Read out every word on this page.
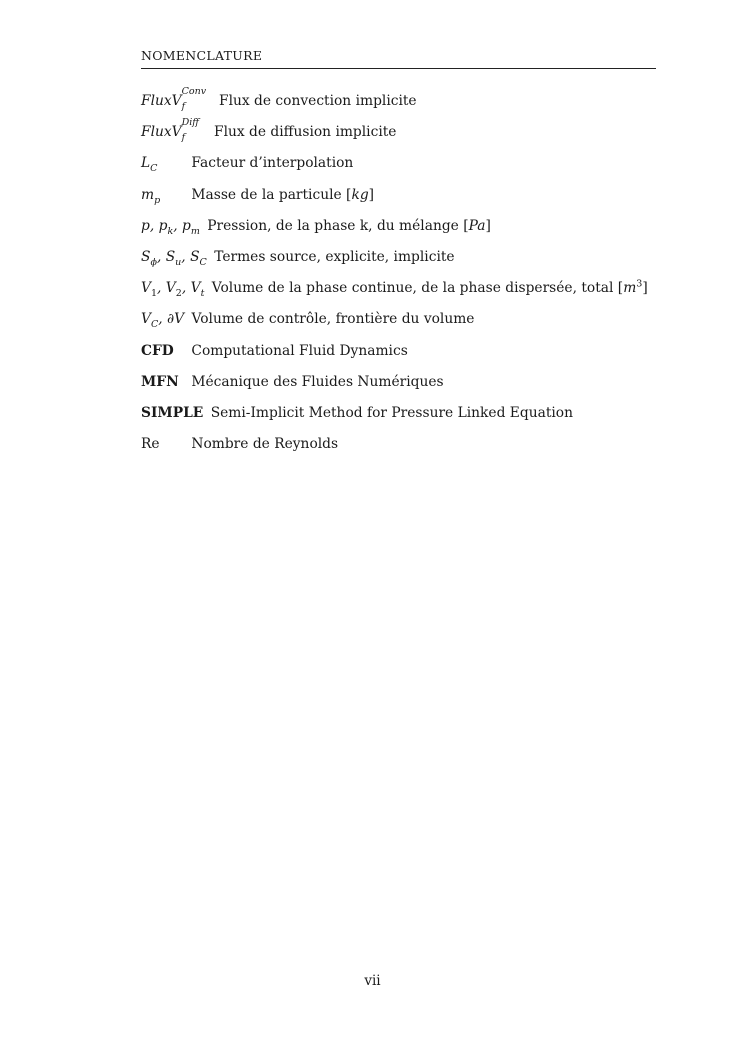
NOMENCLATURE
FluxV
Conv
f Flux de convection implicite
FluxV
Diff
f Flux de diffusion implicite
$L_C$ Facteur d’interpolation
$m_p$ Masse de la particule [kg]
p, $p_k$, $p_m$ Pression, de la phase k, du mélange [Pa]
$S_\phi$, $S_u$, $S_C$ Termes source, explicite, implicite
$V_1$, $V_2$, $V_t$ Volume de la phase continue, de la phase dispersée, total $[m^3]$
$V_C$, ∂V Volume de contrôle, frontière du volume
CFD Computational Fluid Dynamics
MFN Mécanique des Fluides Numériques
SIMPLE Semi-Implicit Method for Pressure Linked Equation
Re Nombre de Reynolds
vii
